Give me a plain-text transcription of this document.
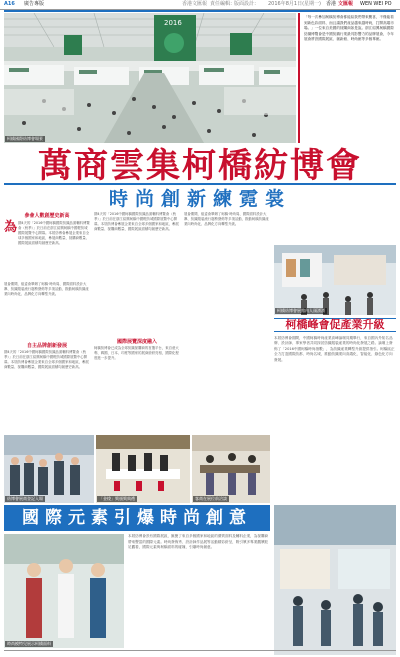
A16 廣告專版	香港文匯報 責任編輯：
版面設計： 2016年8月1日(星期一) 香港 文匯報 WEN WEI PO
2016
柯橋國際紡博會場景
「每一次參加柯橋紡博會都能給我們帶來驚喜，不僅能看到新色彩面料，而且讓我們產品越來越時尚，打開高端市場。」一位來自美國的採購商如是說。浙江紹興柯橋國際紡織博覽會是中國紡織行業最具影響力的品牌展會，今年展會將設國際展區、創新館、時尚館等多個專館。
萬商雲集柯橋紡博會
時尚創新練霓裳
參會人數創歷史新高
為 期4天的「2016中國柯橋國際紡織品面輔料博覽會（秋季）」於日前在浙江紹興柯橋中國輕紡城國際展覽中心開幕。本屆紡博會參展企業來自全球多個國家和地區，參展商數量、採購商數量、國際展區面積均創歷史新高。
展會期間，組委會舉辦了柯橋·時尚周、國際面料設計大賽、紡織服裝流行趨勢發佈等多項活動，推動柯橋紡織產業向時尚化、品牌化方向轉型升級。
自主品牌創新發展
期4天的「2016中國柯橋國際紡織品面輔料博覽會（秋季）」於日前在浙江紹興柯橋中國輕紡城國際展覽中心開幕。本屆紡博會參展企業來自全球多個國家和地區，參展商數量、採購商數量、國際展區面積均創歷史新高。
期4天的「2016中國柯橋國際紡織品面輔料博覽會（秋季）」於日前在浙江紹興柯橋中國輕紡城國際展覽中心開幕。本屆紡博會參展企業來自全球多個國家和地區，參展商數量、採購商數量、國際展區面積均創歷史新高。
國際展覽深度融入
柯橋紡博會已成為全球紡織採購商的首選平台，來自意大利、韓國、日本、印度等國家的展商紛紛亮相，國際化程度進一步提升。
展會期間，組委會舉辦了柯橋·時尚周、國際面料設計大賽、紡織服裝流行趨勢發佈等多項活動，推動柯橋紡織產業向時尚化、品牌化方向轉型升級。
柯橋紡博會展館內人頭湧湧
柯橋峰會促產業升級
本屆紡博會期間，中國柯橋時尚產業高峰論壇同期舉行，來自國內外知名品牌、設計師、專家學者共同探討紡織服裝產業的時尚化發展之路。論壇上發佈了「2016中國柯橋時尚指數」，為紡織產業轉型升級提供指引。柯橋區正全力打造國際紡都、時尚名城，推動紡織業向高端化、智能化、綠色化方向發展。
紡博會展商登記入場	「金梭」獎頒獎典禮	客商在展位前洽談
國際元素引爆時尚創意
時尚模特兒展示柯橋面料
本屆紡博會設有國際展區，匯聚了來自多個國家和地區的優質面料及輔料企業，為採購商帶來豐富的國際元素。時尚發佈秀、設計師作品展等活動精彩紛呈，吸引眾多專業觀眾駐足觀看，國際元素與柯橋面料的碰撞，引爆時尚創意。
